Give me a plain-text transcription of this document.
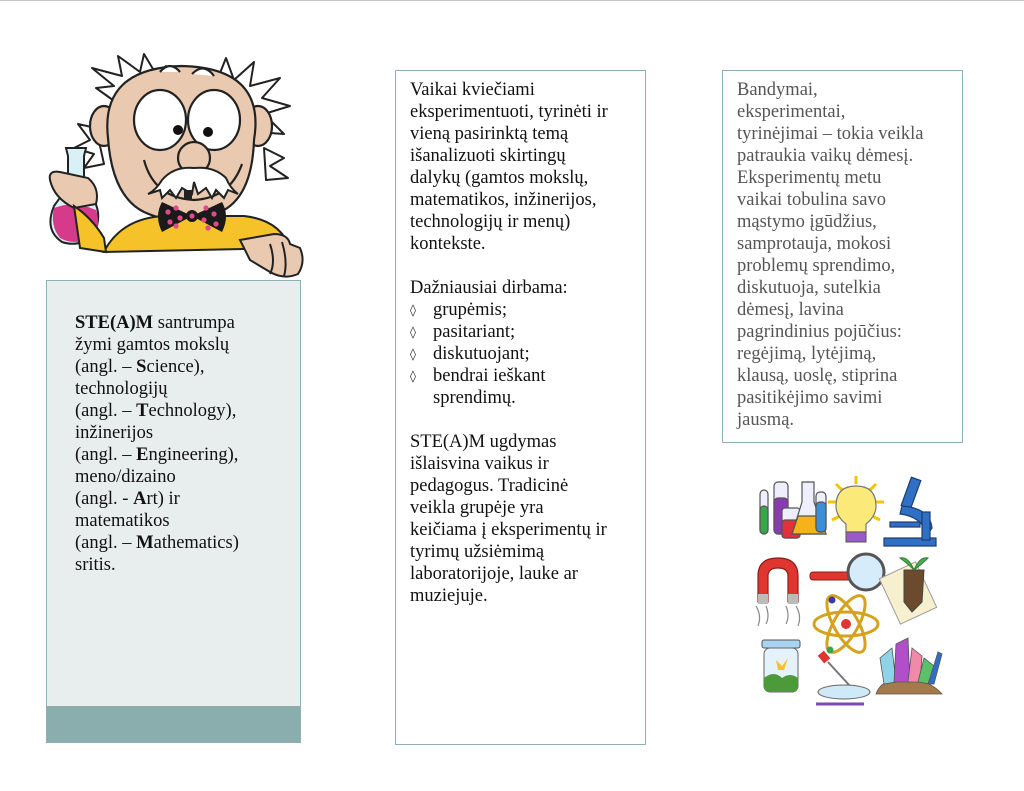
STE(A)M santrumpa

žymi gamtos mokslų

(angl. – Science),

technologijų

(angl. – Technology),

inžinerijos

(angl. – Engineering),

meno/dizaino

(angl. - Art) ir

matematikos

(angl. – Mathematics)

sritis.

Vaikai kviečiami

eksperimentuoti, tyrinėti ir

vieną pasirinktą temą

išanalizuoti skirtingų

dalykų (gamtos mokslų,

matematikos, inžinerijos,

technologijų ir menų)

kontekste.

Dažniausiai dirbama:

◊ grupėmis;
◊ pasitariant;
◊ diskutuojant;
◊ bendrai ieškant
sprendimų.

STE(A)M ugdymas

išlaisvina vaikus ir

pedagogus. Tradicinė

veikla grupėje yra

keičiama į eksperimentų ir

tyrimų užsiėmimą

laboratorijoje, lauke ar

muziejuje.

Bandymai,

eksperimentai,

tyrinėjimai – tokia veikla

patraukia vaikų dėmesį.

Eksperimentų metu

vaikai tobulina savo

mąstymo įgūdžius,

samprotauja, mokosi

problemų sprendimo,

diskutuoja, sutelkia

dėmesį, lavina

pagrindinius pojūčius:

regėjimą, lytėjimą,

klausą, uoslę, stiprina

pasitikėjimo savimi

jausmą.
